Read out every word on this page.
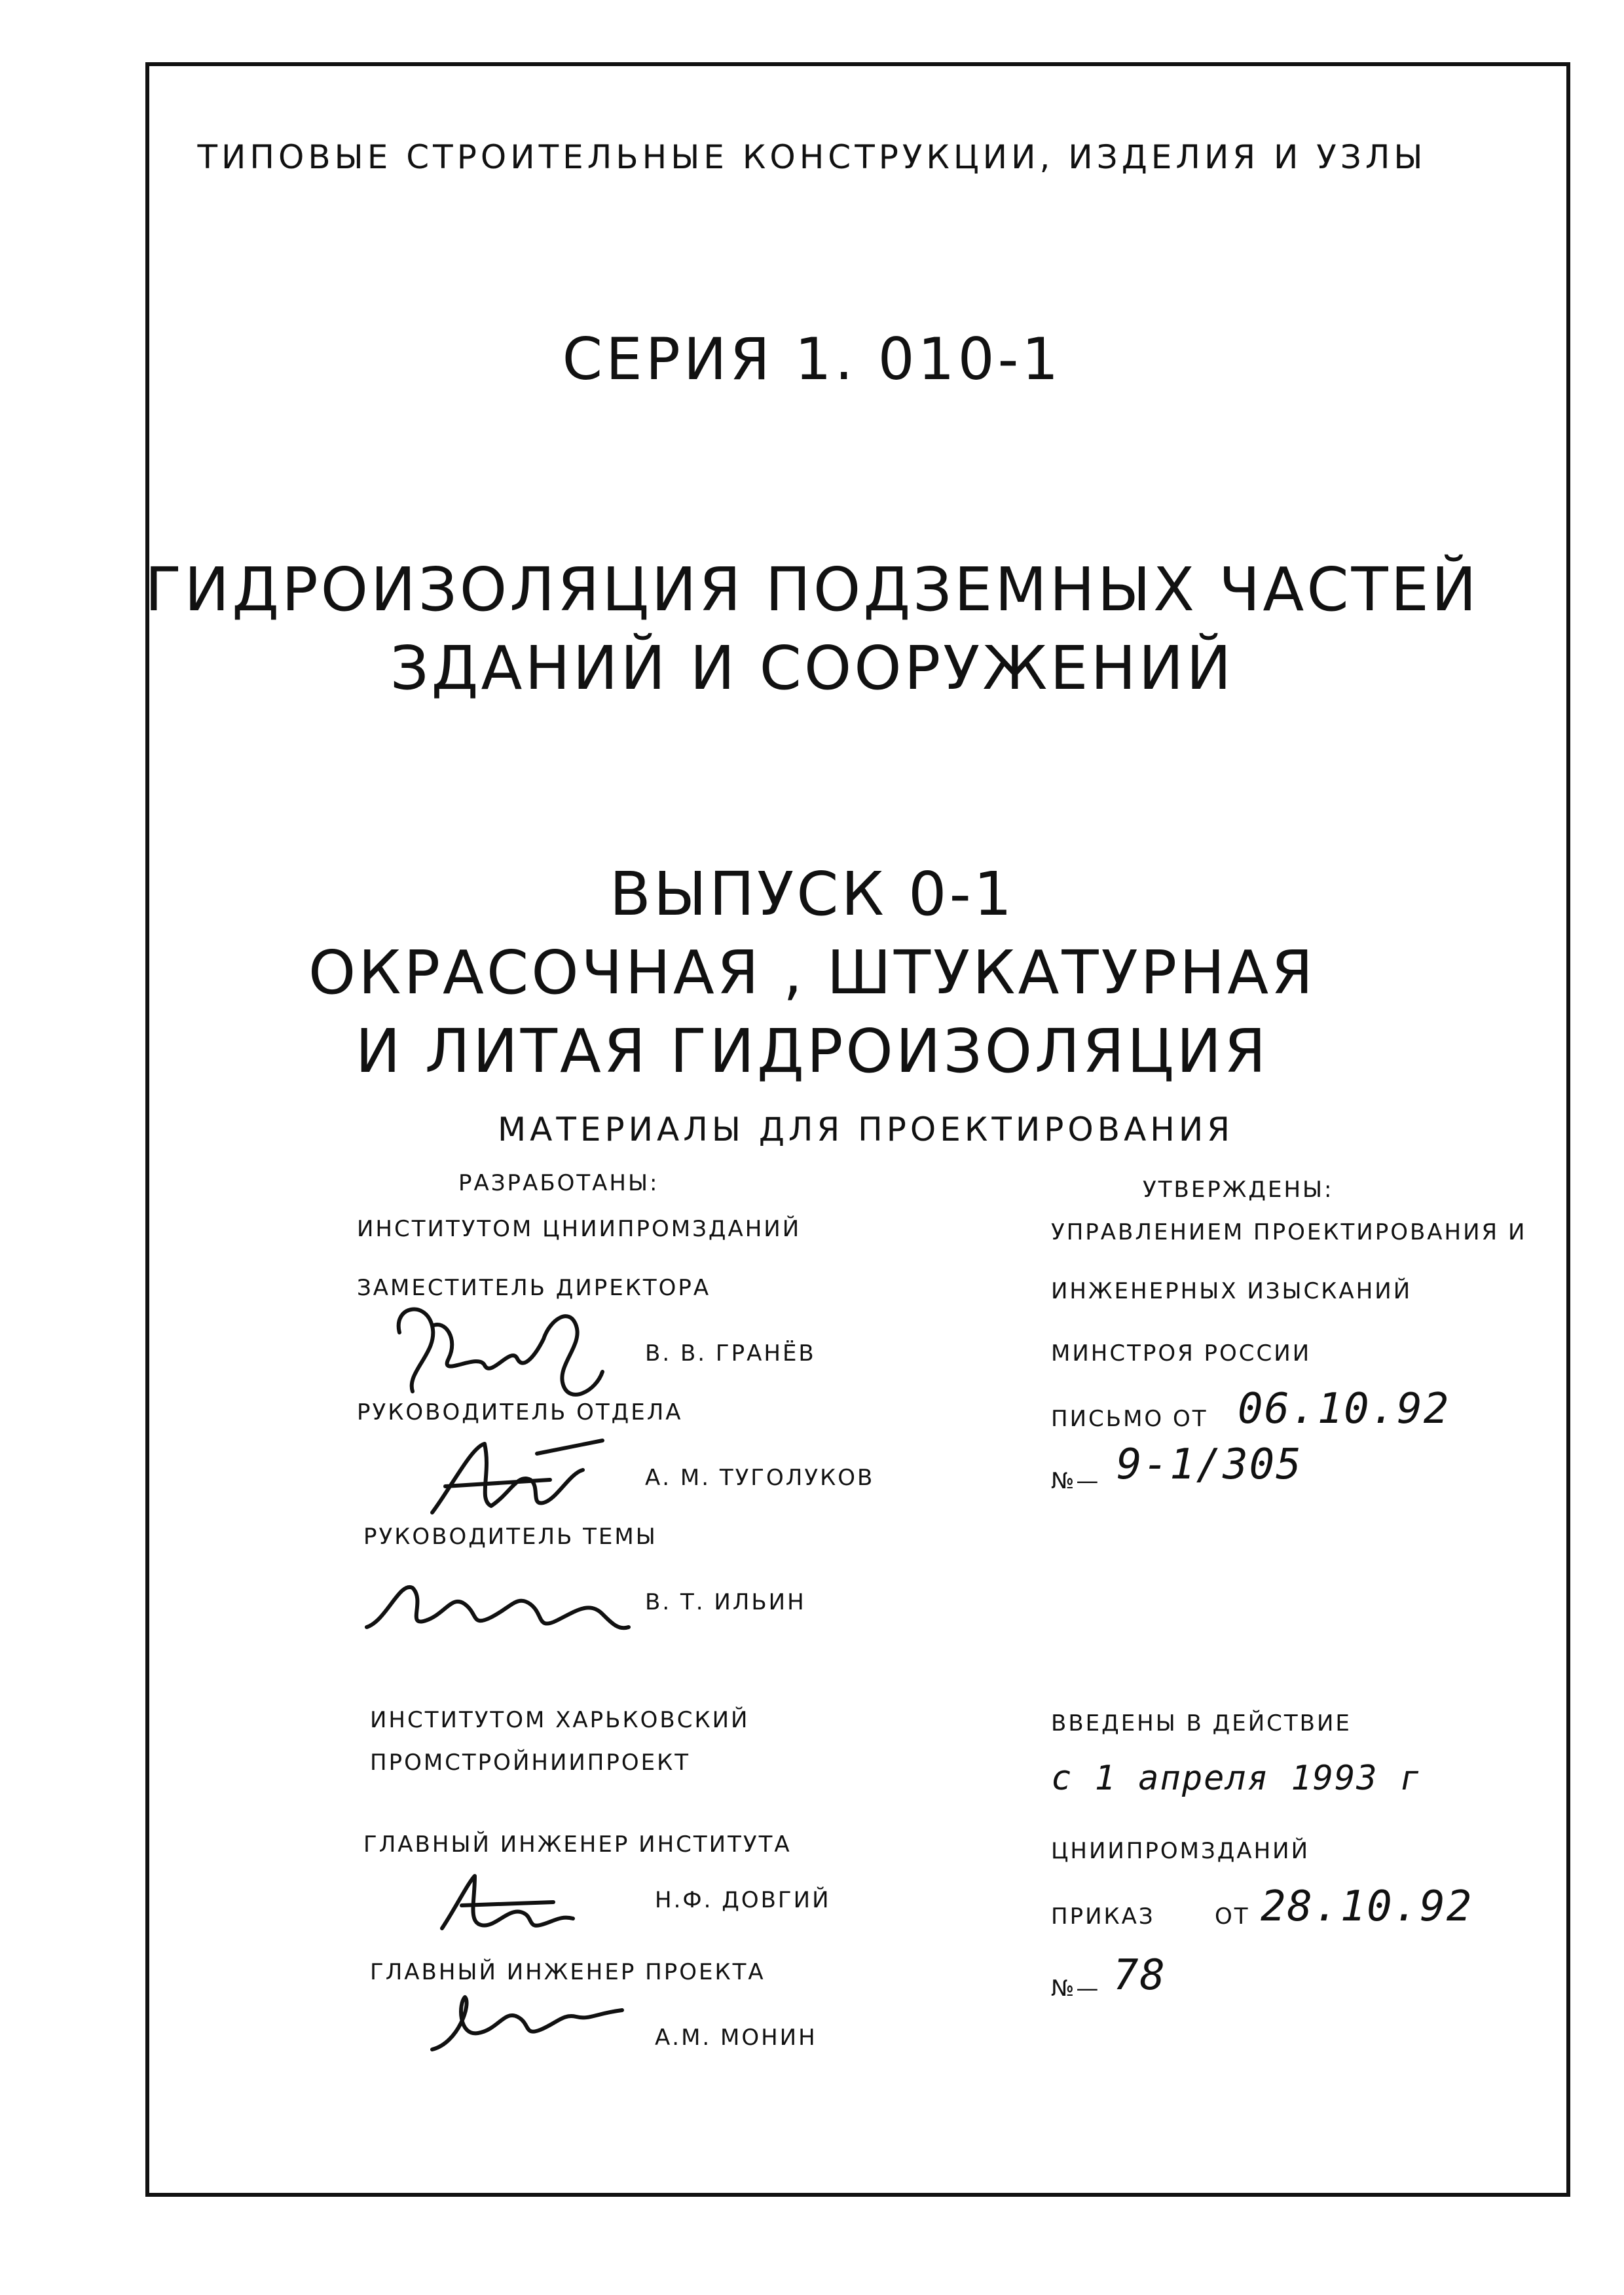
ТИПОВЫЕ СТРОИТЕЛЬНЫЕ КОНСТРУКЦИИ, ИЗДЕЛИЯ И УЗЛЫ
СЕРИЯ 1. 010-1
ГИДРОИЗОЛЯЦИЯ ПОДЗЕМНЫХ ЧАСТЕЙ
ЗДАНИЙ И СООРУЖЕНИЙ
ВЫПУСК 0-1
ОКРАСОЧНАЯ , ШТУКАТУРНАЯ
И ЛИТАЯ ГИДРОИЗОЛЯЦИЯ
МАТЕРИАЛЫ ДЛЯ ПРОЕКТИРОВАНИЯ
РАЗРАБОТАНЫ:
ИНСТИТУТОМ ЦНИИПРОМЗДАНИЙ
ЗАМЕСТИТЕЛЬ ДИРЕКТОРА
В. В. ГРАНЁВ
РУКОВОДИТЕЛЬ ОТДЕЛА
А. М. ТУГОЛУКОВ
РУКОВОДИТЕЛЬ ТЕМЫ
В. Т. ИЛЬИН
ИНСТИТУТОМ ХАРЬКОВСКИЙ
ПРОМСТРОЙНИИПРОЕКТ
ГЛАВНЫЙ ИНЖЕНЕР ИНСТИТУТА
Н.Ф. ДОВГИЙ
ГЛАВНЫЙ ИНЖЕНЕР ПРОЕКТА
А.М. МОНИН
УТВЕРЖДЕНЫ:
УПРАВЛЕНИЕМ ПРОЕКТИРОВАНИЯ И
ИНЖЕНЕРНЫХ ИЗЫСКАНИЙ
МИНСТРОЯ РОССИИ
ПИСЬМО ОТ 06.10.92
№— 9-1/305
ВВЕДЕНЫ В ДЕЙСТВИЕ
с 1 апреля 1993 г
ЦНИИПРОМЗДАНИЙ
ПРИКАЗ	ОТ 28.10.92
№— 78
